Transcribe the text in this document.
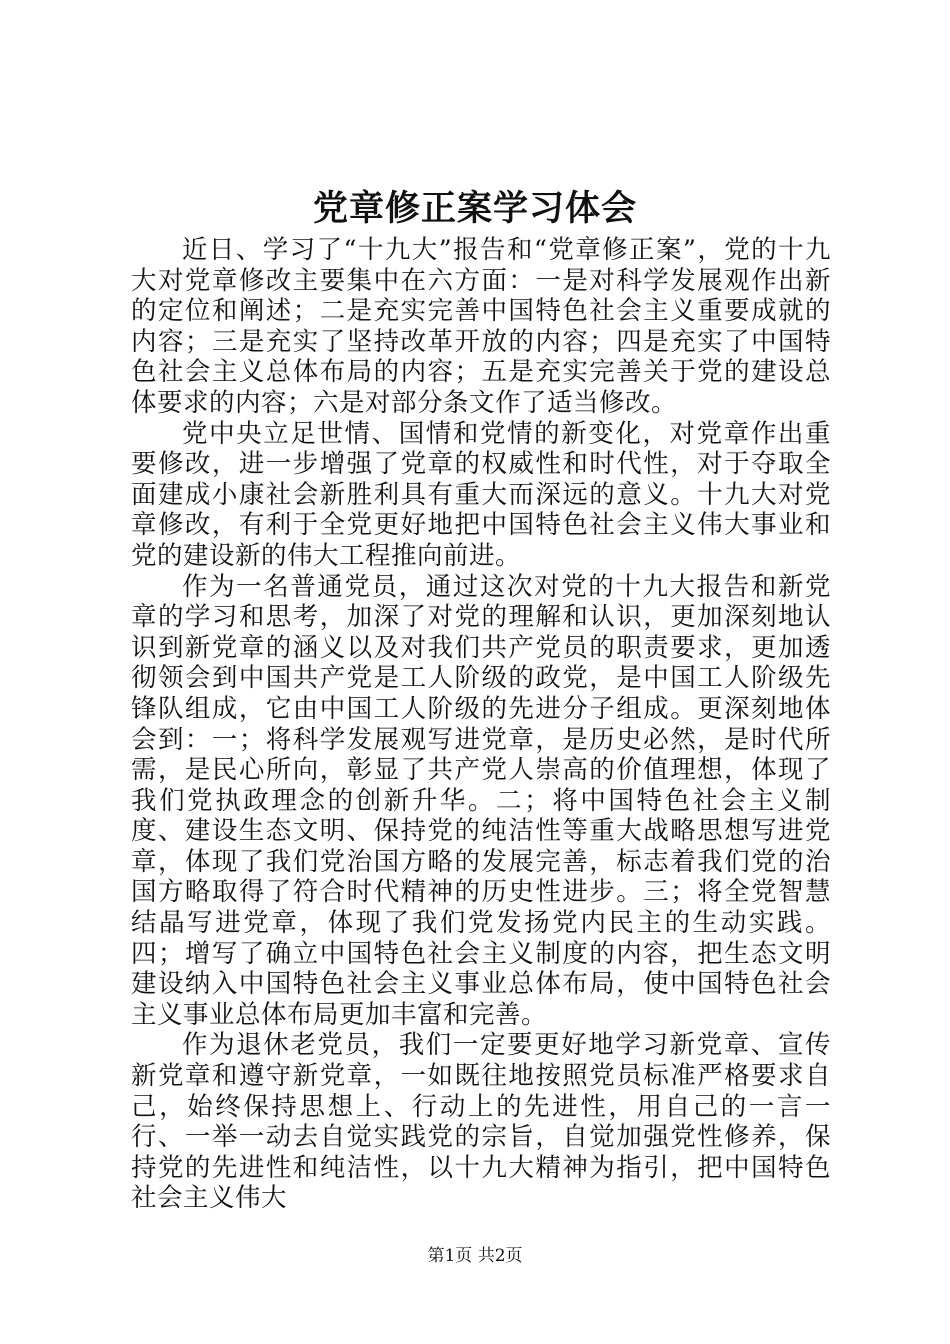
党章修正案学习体会

近日、学习了“十九大”报告和“党章修正案”，党的十九大对党章修改主要集中在六方面：一是对科学发展观作出新的定位和阐述；二是充实完善中国特色社会主义重要成就的内容；三是充实了坚持改革开放的内容；四是充实了中国特色社会主义总体布局的内容；五是充实完善关于党的建设总体要求的内容；六是对部分条文作了适当修改。

党中央立足世情、国情和党情的新变化，对党章作出重要修改，进一步增强了党章的权威性和时代性，对于夺取全面建成小康社会新胜利具有重大而深远的意义。十九大对党章修改，有利于全党更好地把中国特色社会主义伟大事业和党的建设新的伟大工程推向前进。

作为一名普通党员，通过这次对党的十九大报告和新党章的学习和思考，加深了对党的理解和认识，更加深刻地认识到新党章的涵义以及对我们共产党员的职责要求，更加透彻领会到中国共产党是工人阶级的政党，是中国工人阶级先锋队组成，它由中国工人阶级的先进分子组成。更深刻地体会到：一；将科学发展观写进党章，是历史必然，是时代所需，是民心所向，彰显了共产党人崇高的价值理想，体现了我们党执政理念的创新升华。二；将中国特色社会主义制度、建设生态文明、保持党的纯洁性等重大战略思想写进党章，体现了我们党治国方略的发展完善，标志着我们党的治国方略取得了符合时代精神的历史性进步。三；将全党智慧结晶写进党章，体现了我们党发扬党内民主的生动实践。四；增写了确立中国特色社会主义制度的内容，把生态文明建设纳入中国特色社会主义事业总体布局，使中国特色社会主义事业总体布局更加丰富和完善。

作为退休老党员，我们一定要更好地学习新党章、宣传新党章和遵守新党章，一如既往地按照党员标准严格要求自己，始终保持思想上、行动上的先进性，用自己的一言一行、一举一动去自觉实践党的宗旨，自觉加强党性修养，保持党的先进性和纯洁性，以十九大精神为指引，把中国特色社会主义伟大

第1页 共2页
